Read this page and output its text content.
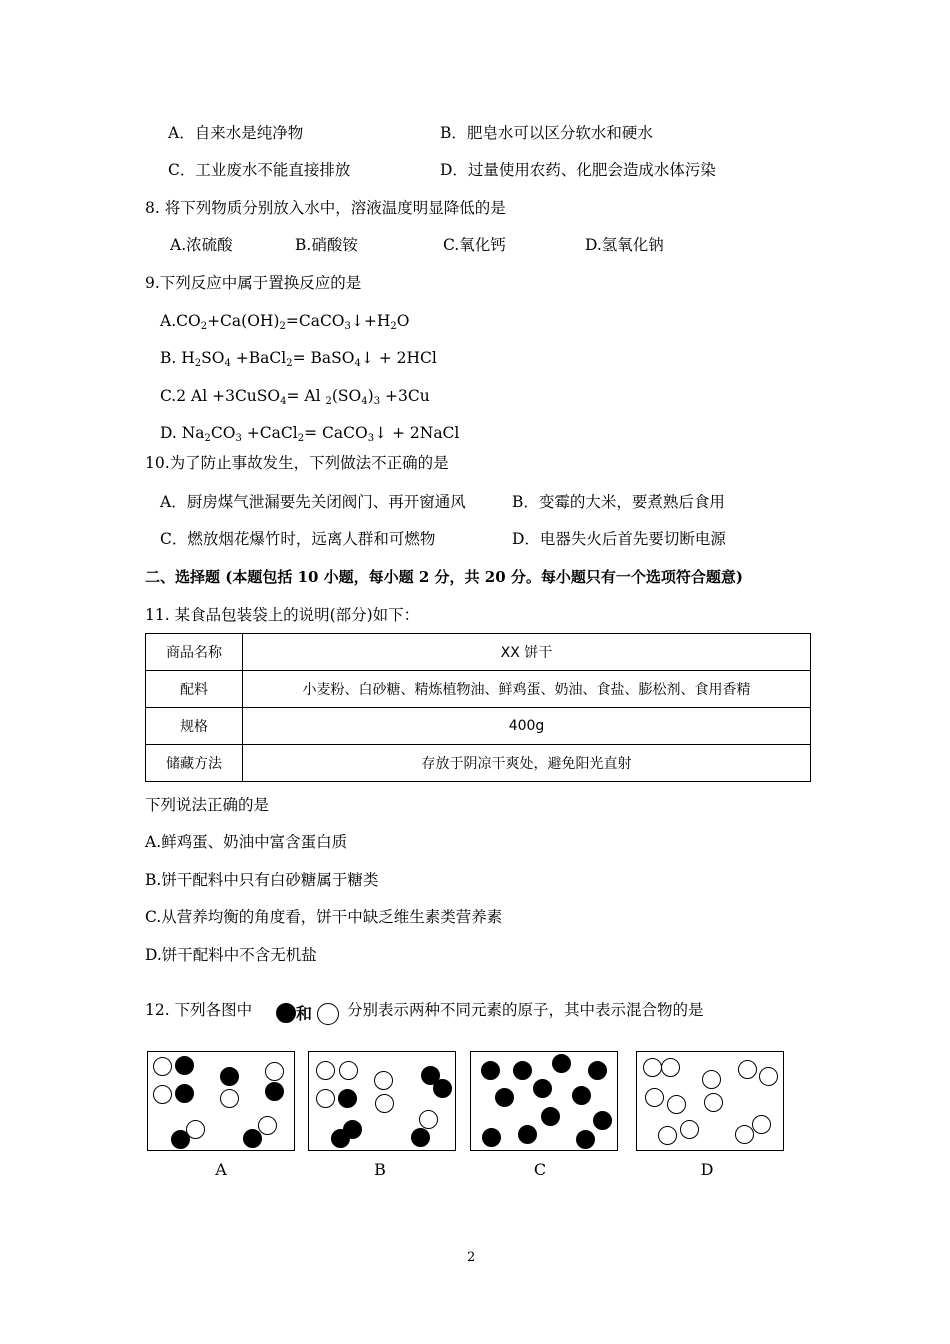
A．自来水是纯净物	B．肥皂水可以区分软水和硬水
C．工业废水不能直接排放	D．过量使用农药、化肥会造成水体污染
8. 将下列物质分别放入水中，溶液温度明显降低的是
A.浓硫酸	B.硝酸铵	C.氧化钙	D.氢氧化钠
9.下列反应中属于置换反应的是
$A.CO_2+Ca(OH)_2=CaCO_3↓+H_2O$
B. $H_2SO_4$ +BaCl$_2$= BaSO$_4$↓ + 2HCl
C.2 Al +3CuSO$_4$= Al $_2(SO_4)_3 +3Cu$
D. $Na_2CO_3$ +CaCl$_2$= CaCO$_3$↓ + 2NaCl
10.为了防止事故发生，下列做法不正确的是
A．厨房煤气泄漏要先关闭阀门、再开窗通风	B．变霉的大米，要煮熟后食用
C．燃放烟花爆竹时，远离人群和可燃物	D．电器失火后首先要切断电源
二、选择题 (本题包括 10 小题，每小题 2 分，共 20 分。每小题只有一个选项符合题意)
11. 某食品包装袋上的说明(部分)如下：
商品名称	XX 饼干
配料	小麦粉、白砂糖、精炼植物油、鲜鸡蛋、奶油、食盐、膨松剂、食用香精
规格	400g
储藏方法	存放于阴凉干爽处，避免阳光直射
下列说法正确的是
A.鲜鸡蛋、奶油中富含蛋白质
B.饼干配料中只有白砂糖属于糖类
C.从营养均衡的角度看，饼干中缺乏维生素类营养素
D.饼干配料中不含无机盐
12. 下列各图中	和 分别表示两种不同元素的原子，其中表示混合物的是
A	B	C	D
2
